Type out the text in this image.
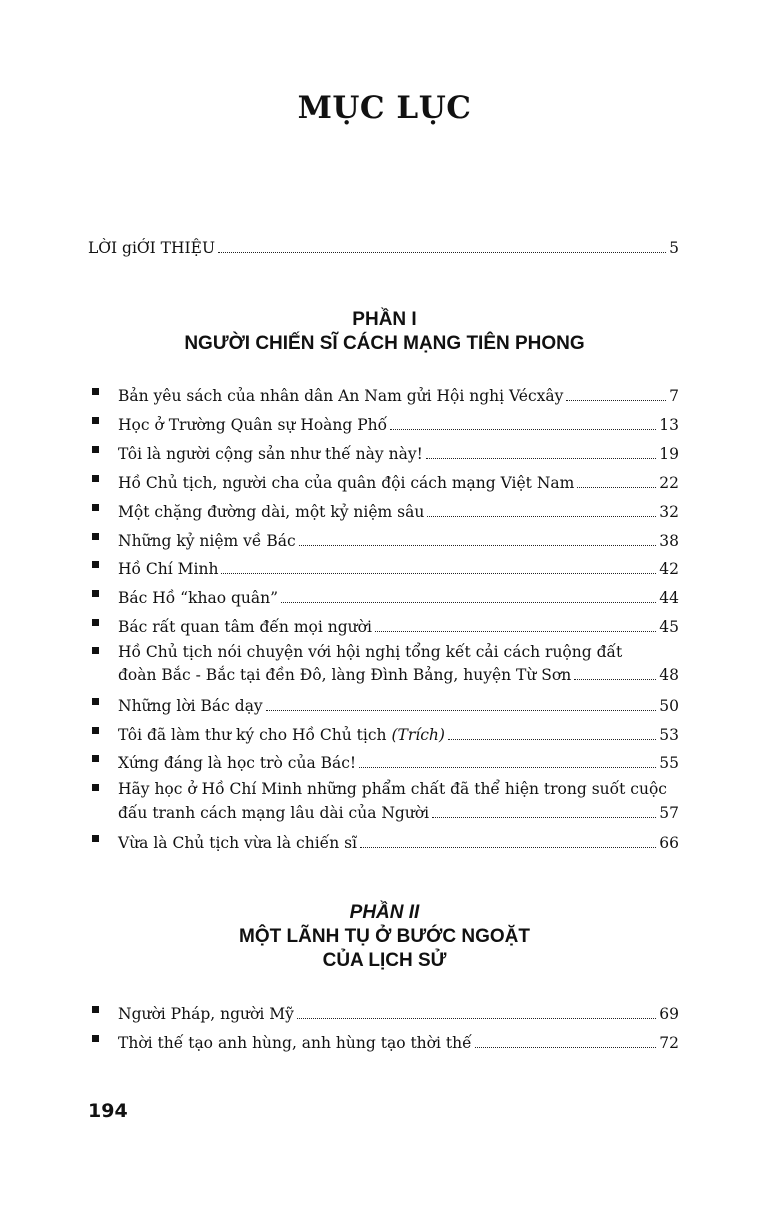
MỤC LỤC
LỜI giỚI THIỆU	5
PHẦN I
NGƯỜI CHIẾN SĨ CÁCH MẠNG TIÊN PHONG
Bản yêu sách của nhân dân An Nam gửi Hội nghị Vécxây	7
Học ở Trường Quân sự Hoàng Phố	13
Tôi là người cộng sản như thế này này!	19
Hồ Chủ tịch, người cha của quân đội cách mạng Việt Nam	22
Một chặng đường dài, một kỷ niệm sâu	32
Những kỷ niệm về Bác	38
Hồ Chí Minh	42
Bác Hồ “khao quân”	44
Bác rất quan tâm đến mọi người	45
Hồ Chủ tịch nói chuyện với hội nghị tổng kết cải cách ruộng đất
đoàn Bắc - Bắc tại đền Đô, làng Đình Bảng, huyện Từ Sơn	48
Những lời Bác dạy	50
Tôi đã làm thư ký cho Hồ Chủ tịch (Trích)	53
Xứng đáng là học trò của Bác!	55
Hãy học ở Hồ Chí Minh những phẩm chất đã thể hiện trong suốt cuộc
đấu tranh cách mạng lâu dài của Người	57
Vừa là Chủ tịch vừa là chiến sĩ	66
PHẦN II
MỘT LÃNH TỤ Ở BƯỚC NGOẶT
CỦA LỊCH SỬ
Người Pháp, người Mỹ	69
Thời thế tạo anh hùng, anh hùng tạo thời thế	72
194
